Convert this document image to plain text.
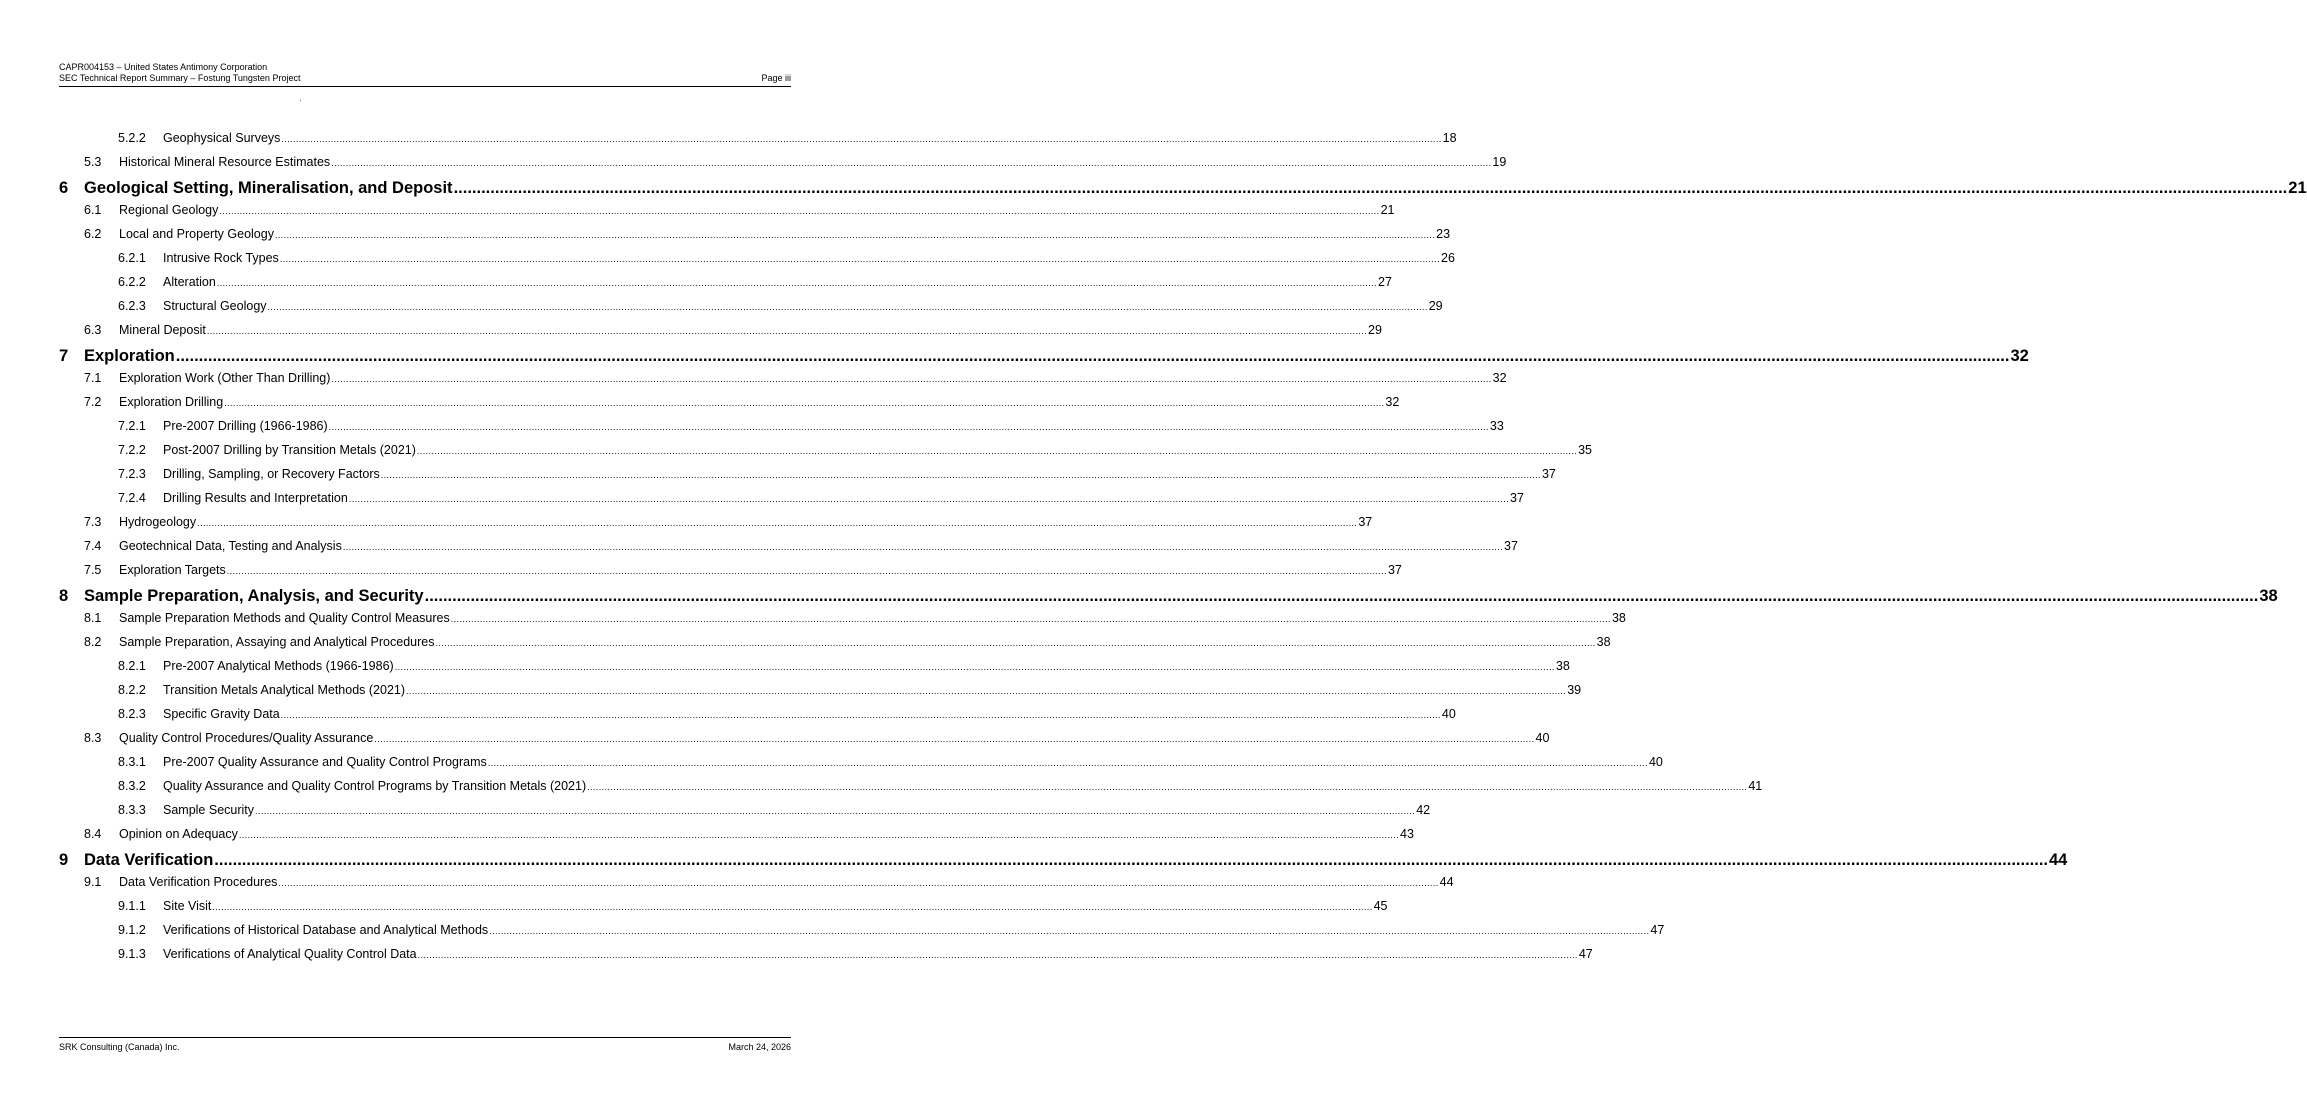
CAPR004153 – United States Antimony Corporation
SEC Technical Report Summary – Fostung Tungsten Project	Page iii
5.2.2	Geophysical Surveys ................................................................................................................................................................................................................................................................................................................................................................................................................ 18
5.3	Historical Mineral Resource Estimates ................................................................................................................................................................................................................................................................................................................................................................................................................ 19
6 Geological Setting, Mineralisation, and Deposit ................................................................................................................................................................................................................................................................................................................................................................................................................ 21
6.1	Regional Geology ................................................................................................................................................................................................................................................................................................................................................................................................................ 21
6.2	Local and Property Geology ................................................................................................................................................................................................................................................................................................................................................................................................................ 23
6.2.1	Intrusive Rock Types ................................................................................................................................................................................................................................................................................................................................................................................................................ 26
6.2.2	Alteration ................................................................................................................................................................................................................................................................................................................................................................................................................ 27
6.2.3	Structural Geology ................................................................................................................................................................................................................................................................................................................................................................................................................ 29
6.3	Mineral Deposit ................................................................................................................................................................................................................................................................................................................................................................................................................ 29
7 Exploration ................................................................................................................................................................................................................................................................................................................................................................................................................ 32
7.1	Exploration Work (Other Than Drilling) ................................................................................................................................................................................................................................................................................................................................................................................................................ 32
7.2	Exploration Drilling ................................................................................................................................................................................................................................................................................................................................................................................................................ 32
7.2.1	Pre-2007 Drilling (1966-1986) ................................................................................................................................................................................................................................................................................................................................................................................................................ 33
7.2.2	Post-2007 Drilling by Transition Metals (2021) ................................................................................................................................................................................................................................................................................................................................................................................................................ 35
7.2.3	Drilling, Sampling, or Recovery Factors ................................................................................................................................................................................................................................................................................................................................................................................................................ 37
7.2.4	Drilling Results and Interpretation ................................................................................................................................................................................................................................................................................................................................................................................................................ 37
7.3	Hydrogeology ................................................................................................................................................................................................................................................................................................................................................................................................................ 37
7.4	Geotechnical Data, Testing and Analysis ................................................................................................................................................................................................................................................................................................................................................................................................................ 37
7.5	Exploration Targets ................................................................................................................................................................................................................................................................................................................................................................................................................ 37
8 Sample Preparation, Analysis, and Security ................................................................................................................................................................................................................................................................................................................................................................................................................ 38
8.1	Sample Preparation Methods and Quality Control Measures ................................................................................................................................................................................................................................................................................................................................................................................................................ 38
8.2	Sample Preparation, Assaying and Analytical Procedures ................................................................................................................................................................................................................................................................................................................................................................................................................ 38
8.2.1	Pre-2007 Analytical Methods (1966-1986) ................................................................................................................................................................................................................................................................................................................................................................................................................ 38
8.2.2	Transition Metals Analytical Methods (2021) ................................................................................................................................................................................................................................................................................................................................................................................................................ 39
8.2.3	Specific Gravity Data ................................................................................................................................................................................................................................................................................................................................................................................................................ 40
8.3	Quality Control Procedures/Quality Assurance ................................................................................................................................................................................................................................................................................................................................................................................................................ 40
8.3.1	Pre-2007 Quality Assurance and Quality Control Programs ................................................................................................................................................................................................................................................................................................................................................................................................................ 40
8.3.2	Quality Assurance and Quality Control Programs by Transition Metals (2021) ................................................................................................................................................................................................................................................................................................................................................................................................................ 41
8.3.3	Sample Security ................................................................................................................................................................................................................................................................................................................................................................................................................ 42
8.4	Opinion on Adequacy ................................................................................................................................................................................................................................................................................................................................................................................................................ 43
9 Data Verification ................................................................................................................................................................................................................................................................................................................................................................................................................ 44
9.1	Data Verification Procedures ................................................................................................................................................................................................................................................................................................................................................................................................................ 44
9.1.1	Site Visit ................................................................................................................................................................................................................................................................................................................................................................................................................ 45
9.1.2	Verifications of Historical Database and Analytical Methods ................................................................................................................................................................................................................................................................................................................................................................................................................ 47
9.1.3	Verifications of Analytical Quality Control Data ................................................................................................................................................................................................................................................................................................................................................................................................................ 47
SRK Consulting (Canada) Inc.	March 24, 2026
